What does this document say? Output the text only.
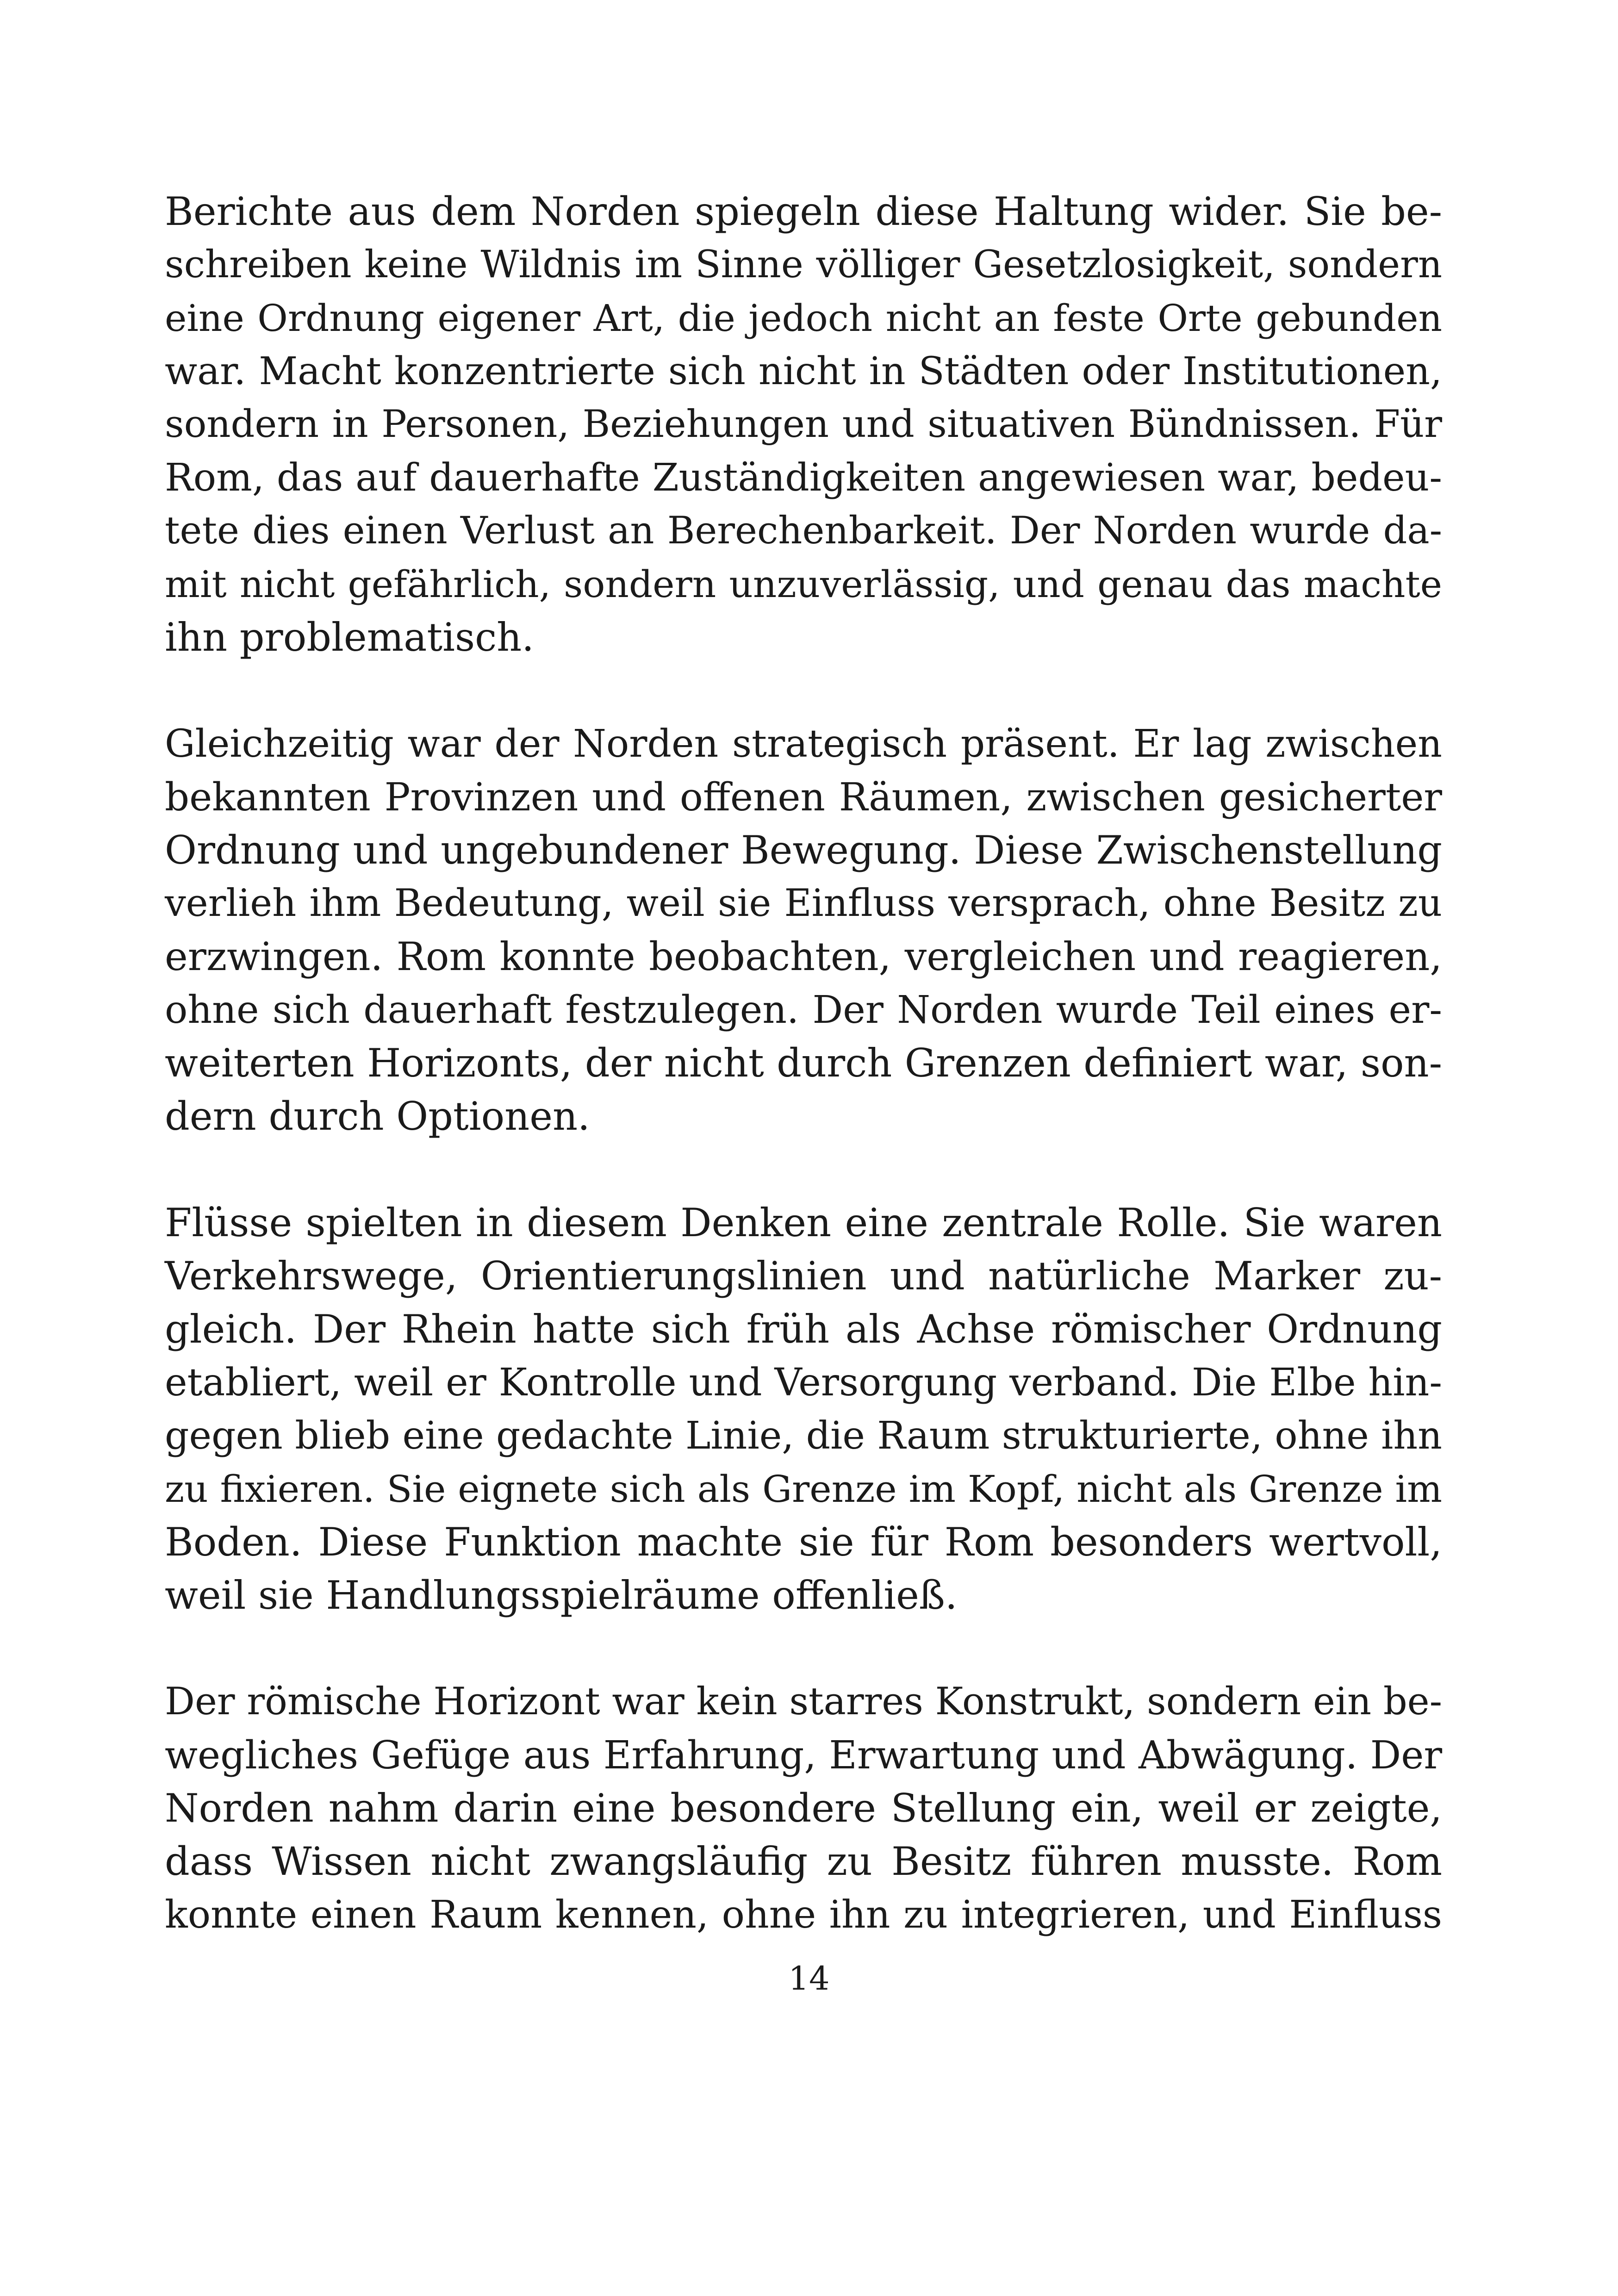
Berichte aus dem Norden spiegeln diese Haltung wider. Sie be-
schreiben keine Wildnis im Sinne völliger Gesetzlosigkeit, sondern
eine Ordnung eigener Art, die jedoch nicht an feste Orte gebunden
war. Macht konzentrierte sich nicht in Städten oder Institutionen,
sondern in Personen, Beziehungen und situativen Bündnissen. Für
Rom, das auf dauerhafte Zuständigkeiten angewiesen war, bedeu-
tete dies einen Verlust an Berechenbarkeit. Der Norden wurde da-
mit nicht gefährlich, sondern unzuverlässig, und genau das machte
ihn problematisch.
Gleichzeitig war der Norden strategisch präsent. Er lag zwischen
bekannten Provinzen und offenen Räumen, zwischen gesicherter
Ordnung und ungebundener Bewegung. Diese Zwischenstellung
verlieh ihm Bedeutung, weil sie Einfluss versprach, ohne Besitz zu
erzwingen. Rom konnte beobachten, vergleichen und reagieren,
ohne sich dauerhaft festzulegen. Der Norden wurde Teil eines er-
weiterten Horizonts, der nicht durch Grenzen definiert war, son-
dern durch Optionen.
Flüsse spielten in diesem Denken eine zentrale Rolle. Sie waren
Verkehrswege, Orientierungslinien und natürliche Marker zu-
gleich. Der Rhein hatte sich früh als Achse römischer Ordnung
etabliert, weil er Kontrolle und Versorgung verband. Die Elbe hin-
gegen blieb eine gedachte Linie, die Raum strukturierte, ohne ihn
zu fixieren. Sie eignete sich als Grenze im Kopf, nicht als Grenze im
Boden. Diese Funktion machte sie für Rom besonders wertvoll,
weil sie Handlungsspielräume offenließ.
Der römische Horizont war kein starres Konstrukt, sondern ein be-
wegliches Gefüge aus Erfahrung, Erwartung und Abwägung. Der
Norden nahm darin eine besondere Stellung ein, weil er zeigte,
dass Wissen nicht zwangsläufig zu Besitz führen musste. Rom
konnte einen Raum kennen, ohne ihn zu integrieren, und Einfluss
14
